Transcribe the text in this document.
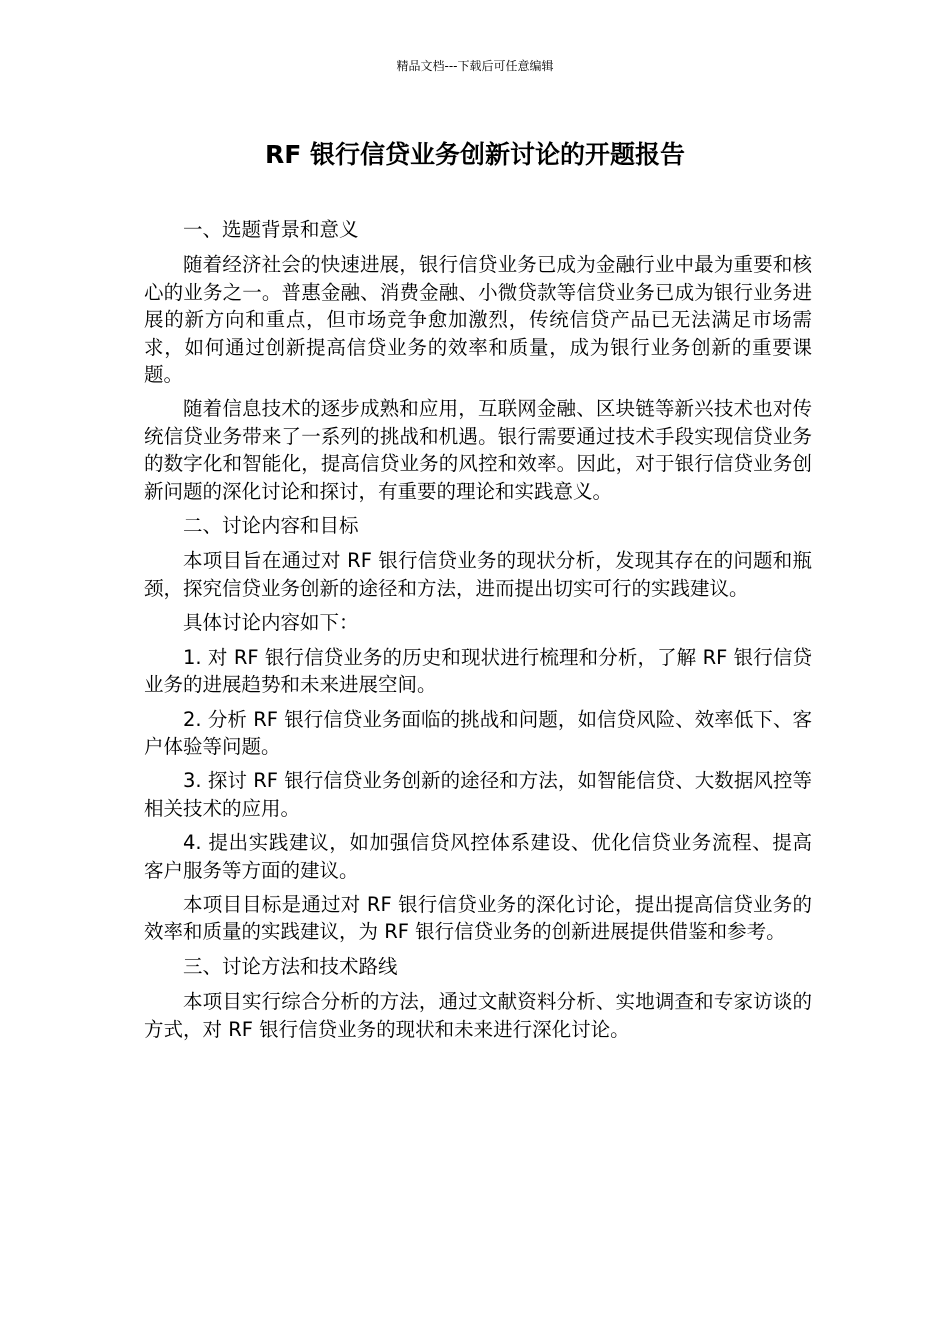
精品文档---下载后可任意编辑
RF 银行信贷业务创新讨论的开题报告

一、选题背景和意义

随着经济社会的快速进展，银行信贷业务已成为金融行业中最为重要和核心的业务之一。普惠金融、消费金融、小微贷款等信贷业务已成为银行业务进展的新方向和重点，但市场竞争愈加激烈，传统信贷产品已无法满足市场需求，如何通过创新提高信贷业务的效率和质量，成为银行业务创新的重要课题。

随着信息技术的逐步成熟和应用，互联网金融、区块链等新兴技术也对传统信贷业务带来了一系列的挑战和机遇。银行需要通过技术手段实现信贷业务的数字化和智能化，提高信贷业务的风控和效率。因此，对于银行信贷业务创新问题的深化讨论和探讨，有重要的理论和实践意义。

二、讨论内容和目标

本项目旨在通过对 RF 银行信贷业务的现状分析，发现其存在的问题和瓶颈，探究信贷业务创新的途径和方法，进而提出切实可行的实践建议。

具体讨论内容如下：

1. 对 RF 银行信贷业务的历史和现状进行梳理和分析，了解 RF 银行信贷业务的进展趋势和未来进展空间。

2. 分析 RF 银行信贷业务面临的挑战和问题，如信贷风险、效率低下、客户体验等问题。

3. 探讨 RF 银行信贷业务创新的途径和方法，如智能信贷、大数据风控等相关技术的应用。

4. 提出实践建议，如加强信贷风控体系建设、优化信贷业务流程、提高客户服务等方面的建议。

本项目目标是通过对 RF 银行信贷业务的深化讨论，提出提高信贷业务的效率和质量的实践建议，为 RF 银行信贷业务的创新进展提供借鉴和参考。

三、讨论方法和技术路线

本项目实行综合分析的方法，通过文献资料分析、实地调查和专家访谈的方式，对 RF 银行信贷业务的现状和未来进行深化讨论。
